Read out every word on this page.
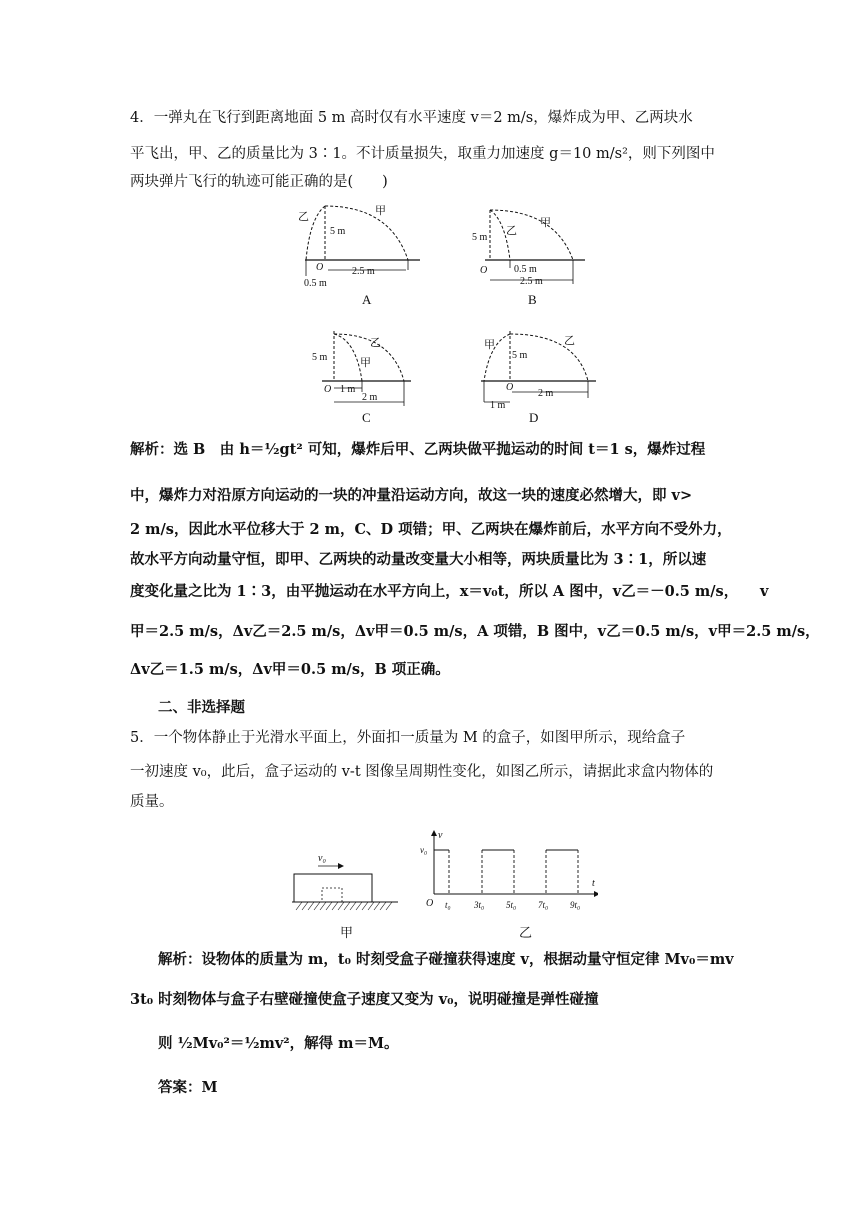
4．一弹丸在飞行到距离地面 5 m 高时仅有水平速度 v＝2 m/s，爆炸成为甲、乙两块水
平飞出，甲、乙的质量比为 3∶1。不计质量损失，取重力加速度 g＝10 m/s²，则下列图中
两块弹片飞行的轨迹可能正确的是(　　)
甲
乙
5 m
O	2.5 m
0.5 m
A
甲
乙
5 m
O	0.5 m
2.5 m
B
乙
甲
5 m
O 1 m
2 m
C
乙
甲
5 m
O
2 m
1 m
D
解析：选 B　由 h＝½gt² 可知，爆炸后甲、乙两块做平抛运动的时间 t＝1 s，爆炸过程
中，爆炸力对沿原方向运动的一块的冲量沿运动方向，故这一块的速度必然增大，即 v>
2 m/s，因此水平位移大于 2 m，C、D 项错；甲、乙两块在爆炸前后，水平方向不受外力，
故水平方向动量守恒，即甲、乙两块的动量改变量大小相等，两块质量比为 3∶1，所以速
度变化量之比为 1∶3，由平抛运动在水平方向上，x＝v₀t，所以 A 图中，v乙＝－0.5 m/s，　　v
甲＝2.5 m/s，Δv乙＝2.5 m/s，Δv甲＝0.5 m/s，A 项错，B 图中，v乙＝0.5 m/s，v甲＝2.5 m/s，
Δv乙＝1.5 m/s，Δv甲＝0.5 m/s，B 项正确。
二、非选择题
5．一个物体静止于光滑水平面上，外面扣一质量为 M 的盒子，如图甲所示，现给盒子
一初速度 v₀，此后，盒子运动的 v-t 图像呈周期性变化，如图乙所示，请据此求盒内物体的
质量。
v₀
甲
v
t
v₀
O t₀	3t₀ 5t₀ 7t₀ 9t₀
乙
解析：设物体的质量为 m，t₀ 时刻受盒子碰撞获得速度 v，根据动量守恒定律 Mv₀＝mv
3t₀ 时刻物体与盒子右壁碰撞使盒子速度又变为 v₀，说明碰撞是弹性碰撞
则 ½Mv₀²＝½mv²，解得 m＝M。
答案：M
